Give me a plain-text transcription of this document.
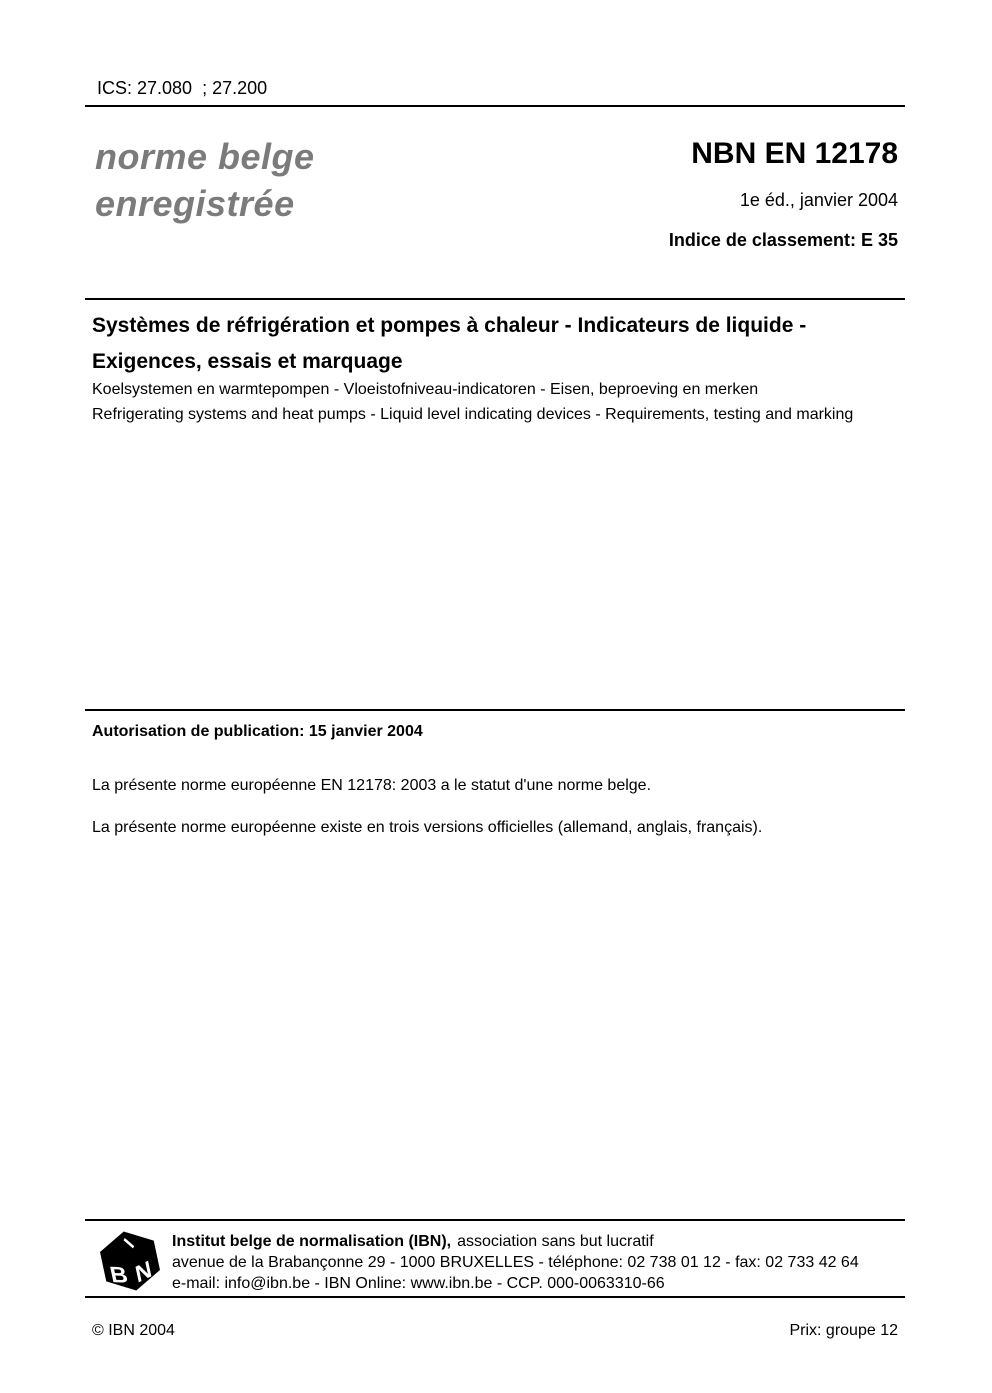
ICS: 27.080  ; 27.200
norme belge
enregistrée
NBN EN 12178
1e éd., janvier 2004
Indice de classement: E 35
Systèmes de réfrigération et pompes à chaleur - Indicateurs de liquide -
Exigences, essais et marquage
Koelsystemen en warmtepompen - Vloeistofniveau-indicatoren - Eisen, beproeving en merken
Refrigerating systems and heat pumps - Liquid level indicating devices - Requirements, testing and marking
Autorisation de publication: 15 janvier 2004
La présente norme européenne EN 12178: 2003 a le statut d'une norme belge.
La présente norme européenne existe en trois versions officielles (allemand, anglais, français).
I
B N
Institut belge de normalisation (IBN), association sans but lucratif
avenue de la Brabançonne 29 - 1000 BRUXELLES - téléphone: 02 738 01 12 - fax: 02 733 42 64
e-mail: info@ibn.be - IBN Online: www.ibn.be - CCP. 000-0063310-66
© IBN 2004	Prix: groupe 12
